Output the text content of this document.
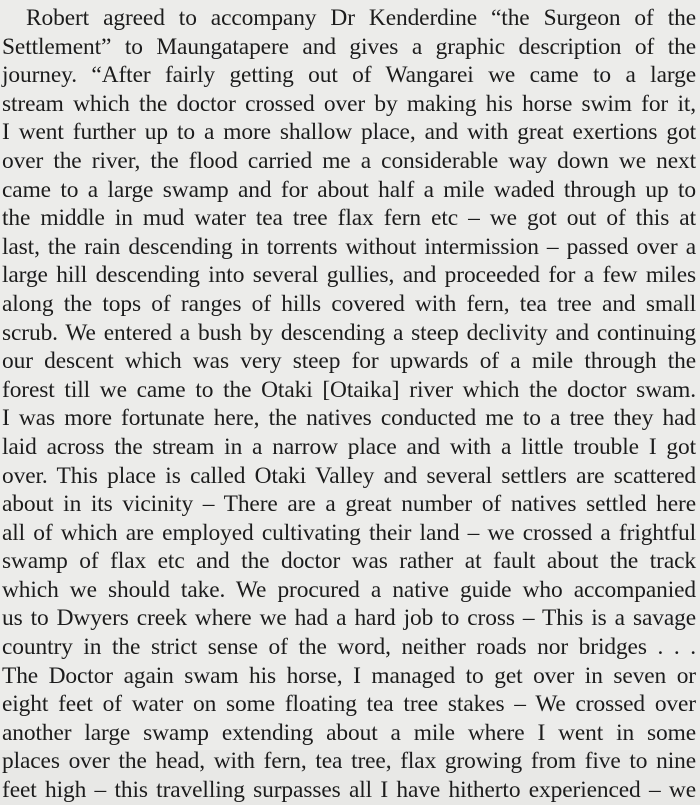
Robert agreed to accompany Dr Kenderdine “the Surgeon of the
Settlement” to Maungatapere and gives a graphic description of the
journey. “After fairly getting out of Wangarei we came to a large
stream which the doctor crossed over by making his horse swim for it,
I went further up to a more shallow place, and with great exertions got
over the river, the flood carried me a considerable way down we next
came to a large swamp and for about half a mile waded through up to
the middle in mud water tea tree flax fern etc – we got out of this at
last, the rain descending in torrents without intermission – passed over a
large hill descending into several gullies, and proceeded for a few miles
along the tops of ranges of hills covered with fern, tea tree and small
scrub. We entered a bush by descending a steep declivity and continuing
our descent which was very steep for upwards of a mile through the
forest till we came to the Otaki [Otaika] river which the doctor swam.
I was more fortunate here, the natives conducted me to a tree they had
laid across the stream in a narrow place and with a little trouble I got
over. This place is called Otaki Valley and several settlers are scattered
about in its vicinity – There are a great number of natives settled here
all of which are employed cultivating their land – we crossed a frightful
swamp of flax etc and the doctor was rather at fault about the track
which we should take. We procured a native guide who accompanied
us to Dwyers creek where we had a hard job to cross – This is a savage
country in the strict sense of the word, neither roads nor bridges . . .
The Doctor again swam his horse, I managed to get over in seven or
eight feet of water on some floating tea tree stakes – We crossed over
another large swamp extending about a mile where I went in some
places over the head, with fern, tea tree, flax growing from five to nine
feet high – this travelling surpasses all I have hitherto experienced – we
